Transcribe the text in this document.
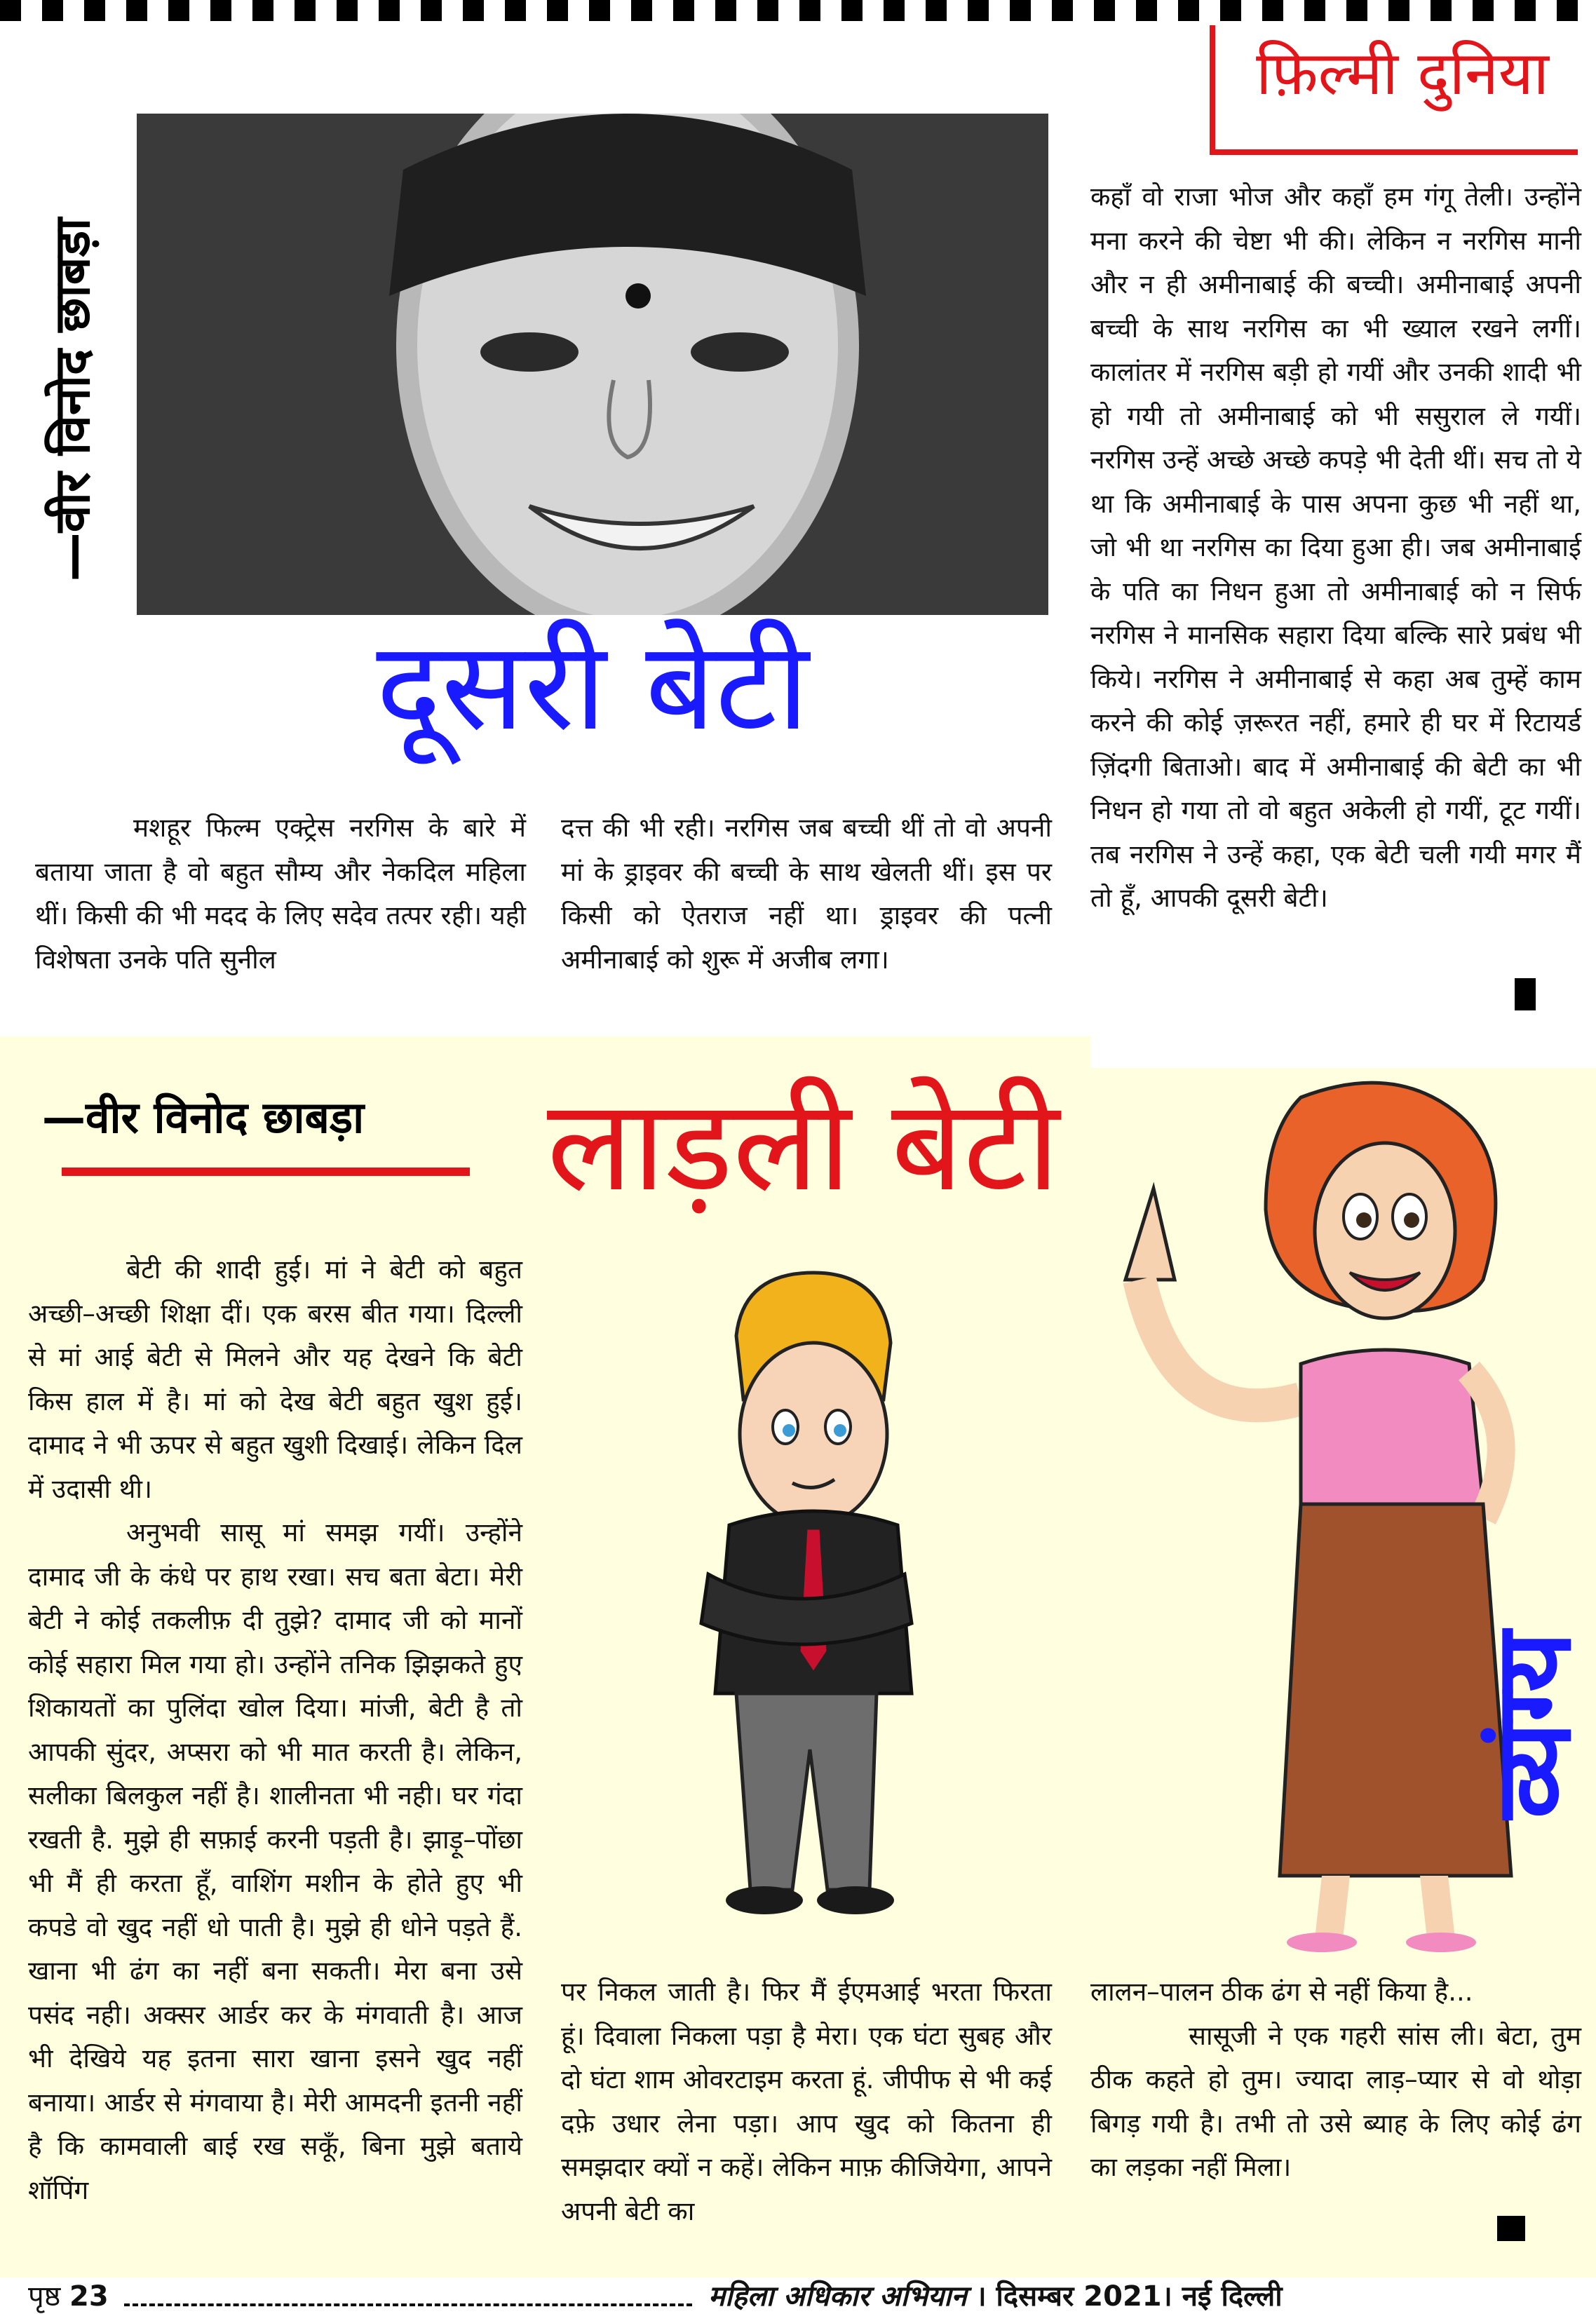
फ़िल्मी दुनिया
—वीर विनोद छाबड़ा
दूसरी बेटी

मशहूर फिल्म एक्ट्रेस नरगिस के बारे में बताया जाता है वो बहुत सौम्य और नेकदिल महिला थीं। किसी की भी मदद के लिए सदेव तत्पर रही। यही विशेषता उनके पति सुनील

दत्त की भी रही। नरगिस जब बच्ची थीं तो वो अपनी मां के ड्राइवर की बच्ची के साथ खेलती थीं। इस पर किसी को ऐतराज नहीं था। ड्राइवर की पत्नी अमीनाबाई को शुरू में अजीब लगा।

कहाँ वो राजा भोज और कहाँ हम गंगू तेली। उन्होंने मना करने की चेष्टा भी की। लेकिन न नरगिस मानी और न ही अमीनाबाई की बच्ची। अमीनाबाई अपनी बच्ची के साथ नरगिस का भी ख्याल रखने लगीं। कालांतर में नरगिस बड़ी हो गयीं और उनकी शादी भी हो गयी तो अमीनाबाई को भी ससुराल ले गयीं। नरगिस उन्हें अच्छे अच्छे कपड़े भी देती थीं। सच तो ये था कि अमीनाबाई के पास अपना कुछ भी नहीं था, जो भी था नरगिस का दिया हुआ ही। जब अमीनाबाई के पति का निधन हुआ तो अमीनाबाई को न सिर्फ नरगिस ने मानसिक सहारा दिया बल्कि सारे प्रबंध भी किये। नरगिस ने अमीनाबाई से कहा अब तुम्हें काम करने की कोई ज़रूरत नहीं, हमारे ही घर में रिटायर्ड ज़िंदगी बिताओ। बाद में अमीनाबाई की बेटी का भी निधन हो गया तो वो बहुत अकेली हो गयीं, टूट गयीं। तब नरगिस ने उन्हें कहा, एक बेटी चली गयी मगर मैं तो हूँ, आपकी दूसरी बेटी।

—वीर विनोद छाबड़ा	लाड़ली बेटी

बेटी की शादी हुई। मां ने बेटी को बहुत अच्छी–अच्छी शिक्षा दीं। एक बरस बीत गया। दिल्ली से मां आई बेटी से मिलने और यह देखने कि बेटी किस हाल में है। मां को देख बेटी बहुत खुश हुई। दामाद ने भी ऊपर से बहुत खुशी दिखाई। लेकिन दिल में उदासी थी।

अनुभवी सासू मां समझ गयीं। उन्होंने दामाद जी के कंधे पर हाथ रखा। सच बता बेटा। मेरी बेटी ने कोई तकलीफ़ दी तुझे? दामाद जी को मानों कोई सहारा मिल गया हो। उन्होंने तनिक झिझकते हुए शिकायतों का पुलिंदा खोल दिया। मांजी, बेटी है तो आपकी सुंदर, अप्सरा को भी मात करती है। लेकिन, सलीका बिलकुल नहीं है। शालीनता भी नही। घर गंदा रखती है. मुझे ही सफ़ाई करनी पड़ती है। झाड़ू–पोंछा भी मैं ही करता हूँ, वाशिंग मशीन के होते हुए भी कपडे वो खुद नहीं धो पाती है। मुझे ही धोने पड़ते हैं. खाना भी ढंग का नहीं बना सकती। मेरा बना उसे पसंद नही। अक्सर आर्डर कर के मंगवाती है। आज भी देखिये यह इतना सारा खाना इसने खुद नहीं बनाया। आर्डर से मंगवाया है। मेरी आमदनी इतनी नहीं है कि कामवाली बाई रख सकूँ, बिना मुझे बताये शॉपिंग

व्यंग्य

पर निकल जाती है। फिर मैं ईएमआई भरता फिरता हूं। दिवाला निकला पड़ा है मेरा। एक घंटा सुबह और दो घंटा शाम ओवरटाइम करता हूं. जीपीफ से भी कई दफ़े उधार लेना पड़ा। आप खुद को कितना ही समझदार क्यों न कहें। लेकिन माफ़ कीजियेगा, आपने अपनी बेटी का

लालन–पालन ठीक ढंग से नहीं किया है...

सासूजी ने एक गहरी सांस ली। बेटा, तुम ठीक कहते हो तुम। ज्यादा लाड़–प्यार से वो थोड़ा बिगड़ गयी है। तभी तो उसे ब्याह के लिए कोई ढंग का लड़का नहीं मिला।

पृष्ठ 23	महिला अधिकार अभियान । दिसम्बर 2021। नई दिल्ली
